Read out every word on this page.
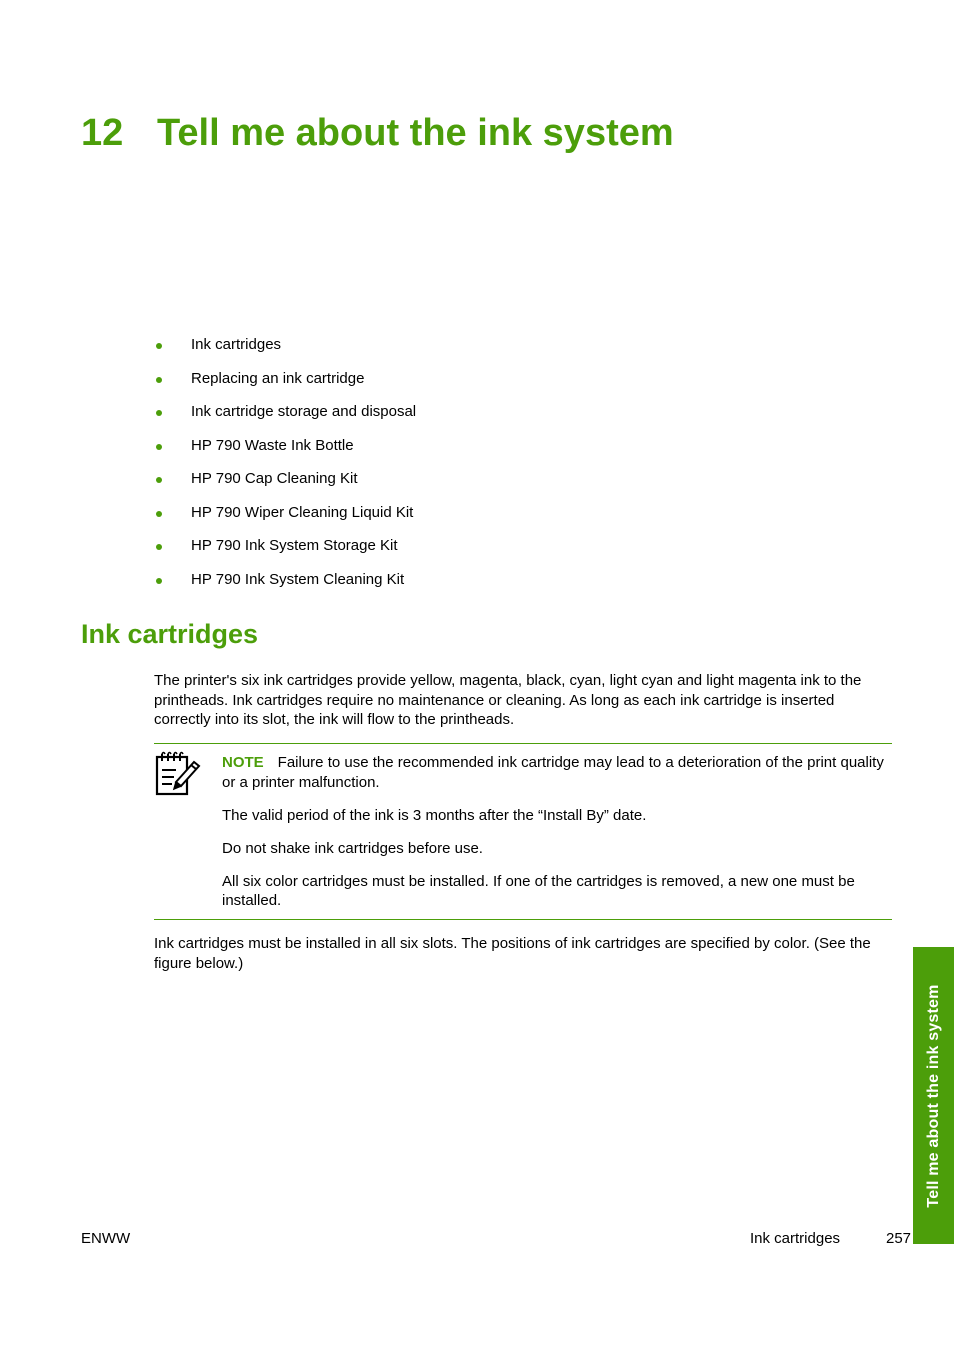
12 Tell me about the ink system
Ink cartridges
Replacing an ink cartridge
Ink cartridge storage and disposal
HP 790 Waste Ink Bottle
HP 790 Cap Cleaning Kit
HP 790 Wiper Cleaning Liquid Kit
HP 790 Ink System Storage Kit
HP 790 Ink System Cleaning Kit
Ink cartridges

The printer's six ink cartridges provide yellow, magenta, black, cyan, light cyan and light magenta ink to the printheads. Ink cartridges require no maintenance or cleaning. As long as each ink cartridge is inserted correctly into its slot, the ink will flow to the printheads.

NOTE Failure to use the recommended ink cartridge may lead to a deterioration of the print quality or a printer malfunction.

The valid period of the ink is 3 months after the “Install By” date.

Do not shake ink cartridges before use.

All six color cartridges must be installed. If one of the cartridges is removed, a new one must be installed.

Ink cartridges must be installed in all six slots. The positions of ink cartridges are specified by color. (See the figure below.)

Tell me about the ink system
ENWW	Ink cartridges	257
